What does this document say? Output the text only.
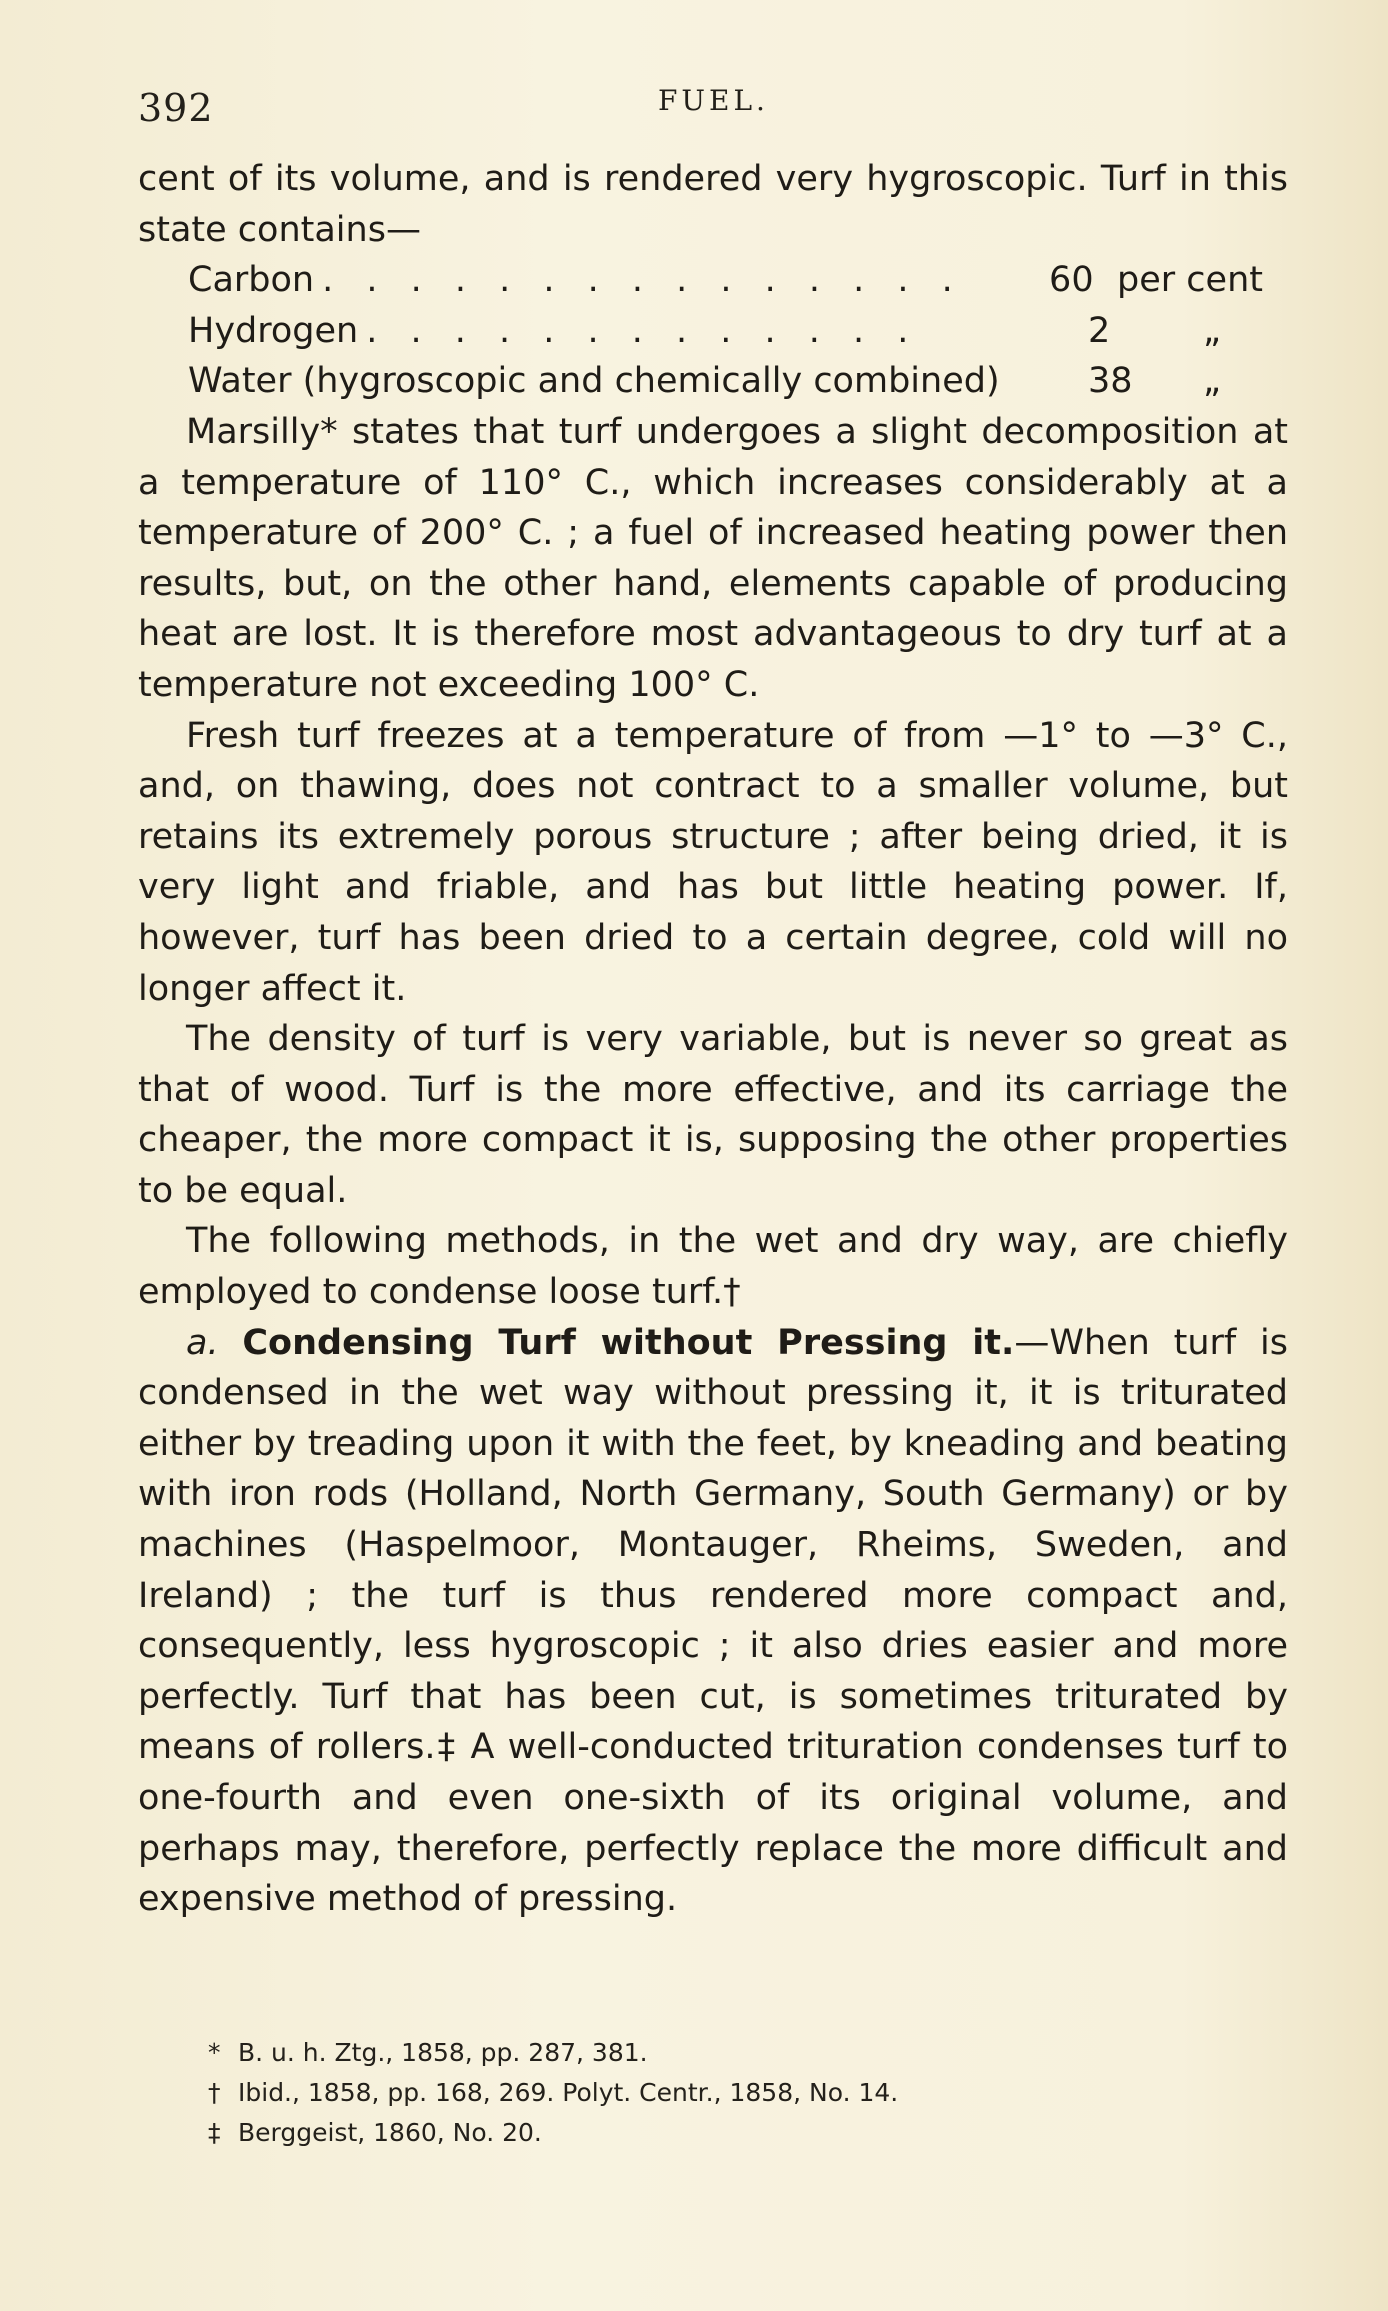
392	FUEL.

cent of its volume, and is rendered very hygroscopic. Turf in this state contains—

Carbon . . . . . . . . . . . . . . .	60 per cent
Hydrogen . . . . . . . . . . . . .	2	„
Water (hygroscopic and chemically combined)	38 „

Marsilly* states that turf undergoes a slight decomposition at a temperature of 110° C., which increases considerably at a temperature of 200° C. ; a fuel of increased heating power then results, but, on the other hand, elements capable of producing heat are lost. It is therefore most advantageous to dry turf at a temperature not exceeding 100° C.

Fresh turf freezes at a temperature of from —1° to —3° C., and, on thawing, does not contract to a smaller volume, but retains its extremely porous structure ; after being dried, it is very light and friable, and has but little heating power. If, however, turf has been dried to a certain degree, cold will no longer affect it.

The density of turf is very variable, but is never so great as that of wood. Turf is the more effective, and its carriage the cheaper, the more compact it is, supposing the other properties to be equal.

The following methods, in the wet and dry way, are chiefly employed to condense loose turf.†

a. Condensing Turf without Pressing it.—When turf is condensed in the wet way without pressing it, it is triturated either by treading upon it with the feet, by kneading and beating with iron rods (Holland, North Germany, South Germany) or by machines (Haspelmoor, Montauger, Rheims, Sweden, and Ireland) ; the turf is thus rendered more compact and, consequently, less hygroscopic ; it also dries easier and more perfectly. Turf that has been cut, is sometimes triturated by means of rollers.‡ A well-conducted trituration condenses turf to one-fourth and even one-sixth of its original volume, and perhaps may, therefore, perfectly replace the more difficult and expensive method of pressing.

* B. u. h. Ztg., 1858, pp. 287, 381.
† Ibid., 1858, pp. 168, 269. Polyt. Centr., 1858, No. 14.
‡ Berggeist, 1860, No. 20.
